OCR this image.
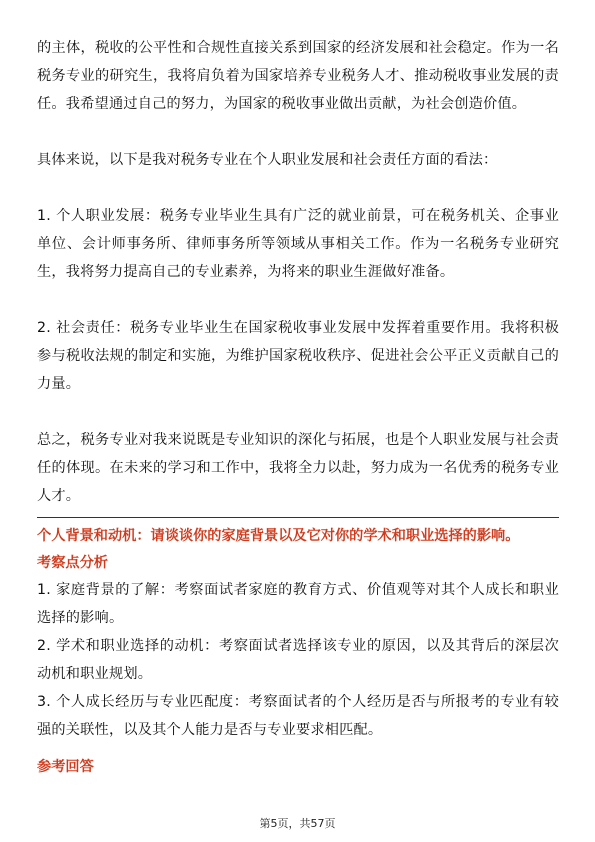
的主体，税收的公平性和合规性直接关系到国家的经济发展和社会稳定。作为一名税务专业的研究生，我将肩负着为国家培养专业税务人才、推动税收事业发展的责任。我希望通过自己的努力，为国家的税收事业做出贡献，为社会创造价值。

具体来说，以下是我对税务专业在个人职业发展和社会责任方面的看法：

1. 个人职业发展：税务专业毕业生具有广泛的就业前景，可在税务机关、企事业单位、会计师事务所、律师事务所等领域从事相关工作。作为一名税务专业研究生，我将努力提高自己的专业素养，为将来的职业生涯做好准备。

2. 社会责任：税务专业毕业生在国家税收事业发展中发挥着重要作用。我将积极参与税收法规的制定和实施，为维护国家税收秩序、促进社会公平正义贡献自己的力量。

总之，税务专业对我来说既是专业知识的深化与拓展，也是个人职业发展与社会责任的体现。在未来的学习和工作中，我将全力以赴，努力成为一名优秀的税务专业人才。

个人背景和动机：请谈谈你的家庭背景以及它对你的学术和职业选择的影响。

考察点分析

1. 家庭背景的了解：考察面试者家庭的教育方式、价值观等对其个人成长和职业选择的影响。

2. 学术和职业选择的动机：考察面试者选择该专业的原因，以及其背后的深层次动机和职业规划。

3. 个人成长经历与专业匹配度：考察面试者的个人经历是否与所报考的专业有较强的关联性，以及其个人能力是否与专业要求相匹配。

参考回答

第5页，共57页
